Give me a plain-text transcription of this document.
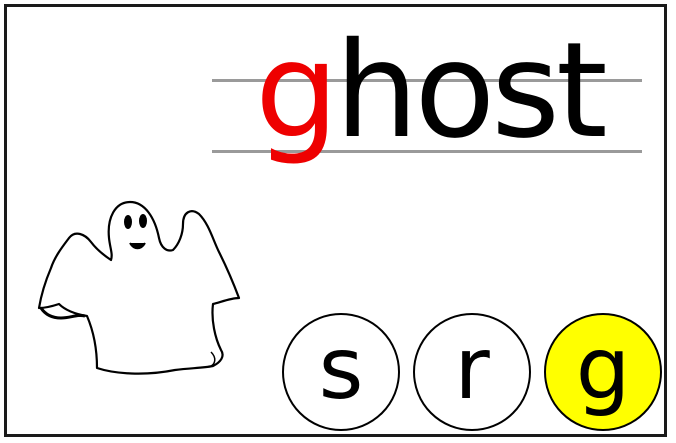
ghost
s	r	g
